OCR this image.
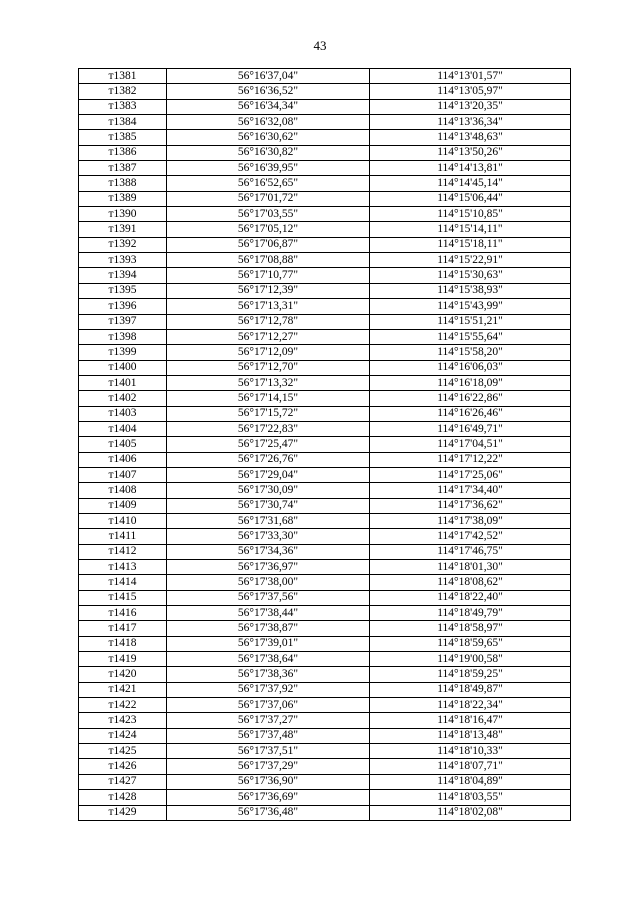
43
т1381	56°16'37,04"	114°13'01,57"
т1382	56°16'36,52"	114°13'05,97"
т1383	56°16'34,34"	114°13'20,35"
т1384	56°16'32,08"	114°13'36,34"
т1385	56°16'30,62"	114°13'48,63"
т1386	56°16'30,82"	114°13'50,26"
т1387	56°16'39,95"	114°14'13,81"
т1388	56°16'52,65"	114°14'45,14"
т1389	56°17'01,72"	114°15'06,44"
т1390	56°17'03,55"	114°15'10,85"
т1391	56°17'05,12"	114°15'14,11"
т1392	56°17'06,87"	114°15'18,11"
т1393	56°17'08,88"	114°15'22,91"
т1394	56°17'10,77"	114°15'30,63"
т1395	56°17'12,39"	114°15'38,93"
т1396	56°17'13,31"	114°15'43,99"
т1397	56°17'12,78"	114°15'51,21"
т1398	56°17'12,27"	114°15'55,64"
т1399	56°17'12,09"	114°15'58,20"
т1400	56°17'12,70"	114°16'06,03"
т1401	56°17'13,32"	114°16'18,09"
т1402	56°17'14,15"	114°16'22,86"
т1403	56°17'15,72"	114°16'26,46"
т1404	56°17'22,83"	114°16'49,71"
т1405	56°17'25,47"	114°17'04,51"
т1406	56°17'26,76"	114°17'12,22"
т1407	56°17'29,04"	114°17'25,06"
т1408	56°17'30,09"	114°17'34,40"
т1409	56°17'30,74"	114°17'36,62"
т1410	56°17'31,68"	114°17'38,09"
т1411	56°17'33,30"	114°17'42,52"
т1412	56°17'34,36"	114°17'46,75"
т1413	56°17'36,97"	114°18'01,30"
т1414	56°17'38,00"	114°18'08,62"
т1415	56°17'37,56"	114°18'22,40"
т1416	56°17'38,44"	114°18'49,79"
т1417	56°17'38,87"	114°18'58,97"
т1418	56°17'39,01"	114°18'59,65"
т1419	56°17'38,64"	114°19'00,58"
т1420	56°17'38,36"	114°18'59,25"
т1421	56°17'37,92"	114°18'49,87"
т1422	56°17'37,06"	114°18'22,34"
т1423	56°17'37,27"	114°18'16,47"
т1424	56°17'37,48"	114°18'13,48"
т1425	56°17'37,51"	114°18'10,33"
т1426	56°17'37,29"	114°18'07,71"
т1427	56°17'36,90"	114°18'04,89"
т1428	56°17'36,69"	114°18'03,55"
т1429	56°17'36,48"	114°18'02,08"
